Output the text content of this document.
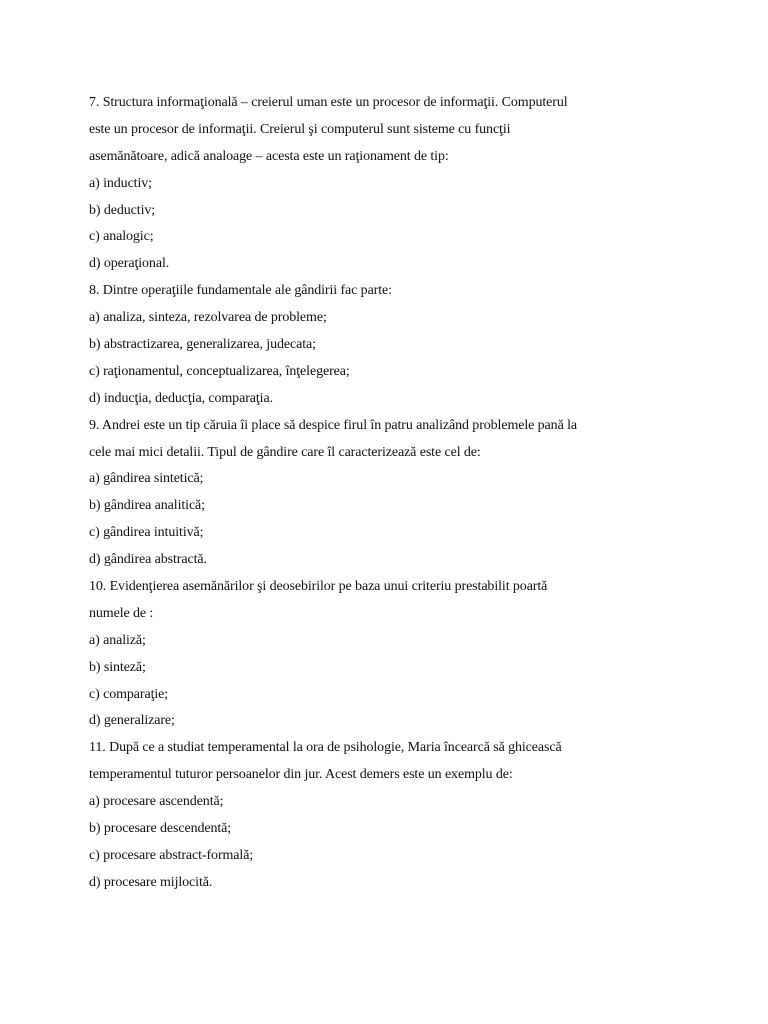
7. Structura informaţională – creierul uman este un procesor de informaţii. Computerul
este un procesor de informaţii. Creierul şi computerul sunt sisteme cu funcţii
asemănătoare, adică analoage – acesta este un raţionament de tip:
a) inductiv;
b) deductiv;
c) analogic;
d) operaţional.
8. Dintre operaţiile fundamentale ale gândirii fac parte:
a) analiza, sinteza, rezolvarea de probleme;
b) abstractizarea, generalizarea, judecata;
c) raţionamentul, conceptualizarea, înţelegerea;
d) inducţia, deducţia, comparaţia.
9. Andrei este un tip căruia îi place să despice firul în patru analizând problemele pană la
cele mai mici detalii. Tipul de gândire care îl caracterizează este cel de:
a) gândirea sintetică;
b) gândirea analitică;
c) gândirea intuitivă;
d) gândirea abstractă.
10. Evidenţierea asemănărilor şi deosebirilor pe baza unui criteriu prestabilit poartă
numele de :
a) analiză;
b) sinteză;
c) comparaţie;
d) generalizare;
11. După ce a studiat temperamental la ora de psihologie, Maria încearcă să ghicească
temperamentul tuturor persoanelor din jur. Acest demers este un exemplu de:
a) procesare ascendentă;
b) procesare descendentă;
c) procesare abstract-formală;
d) procesare mijlocită.
